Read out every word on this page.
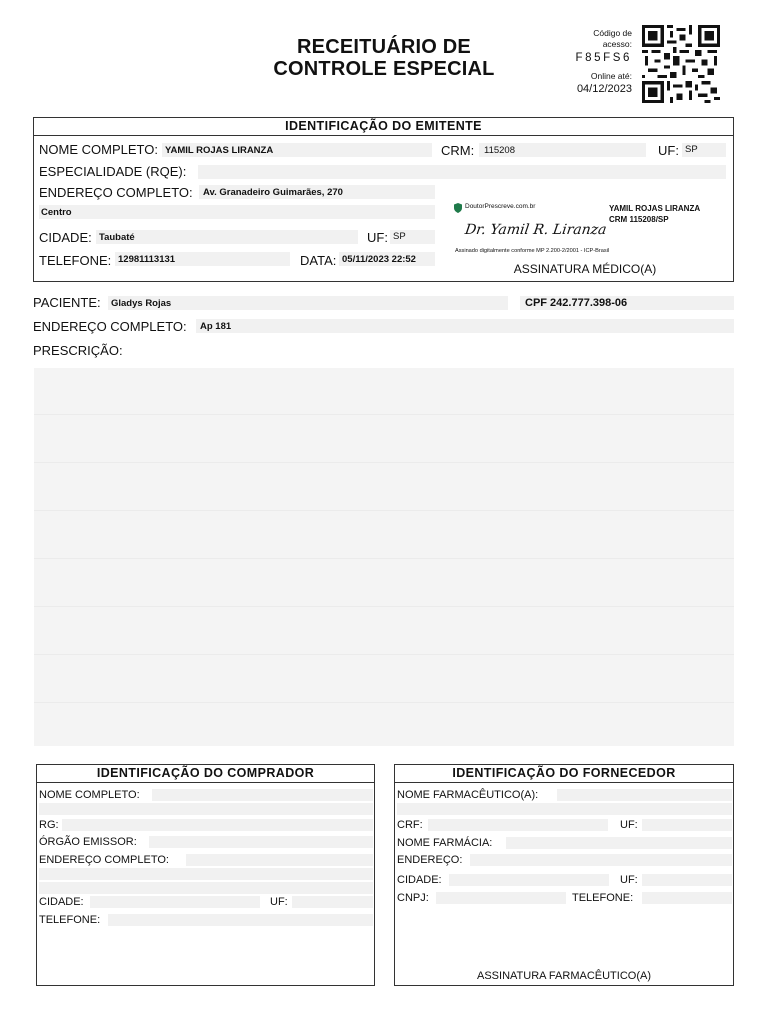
RECEITUÁRIO DE
CONTROLE ESPECIAL
Código de acesso:
F85FS6
Online até:
04/12/2023
IDENTIFICAÇÃO DO EMITENTE
NOME COMPLETO: YAMIL ROJAS LIRANZA	CRM: 115208	UF: SP
ESPECIALIDADE (RQE):
ENDEREÇO COMPLETO: Av. Granadeiro Guimarães, 270
Centro
CIDADE: Taubaté	UF: SP
TELEFONE: 12981113131	DATA: 05/11/2023 22:52
DoutorPrescreve.com.br	YAMIL ROJAS LIRANZA
CRM 115208/SP
Dr. Yamil R. Liranza
Assinado digitalmente conforme MP 2.200-2/2001 - ICP-Brasil
ASSINATURA MÉDICO(A)
PACIENTE: Gladys Rojas	CPF 242.777.398-06
ENDEREÇO COMPLETO: Ap 181
PRESCRIÇÃO:
IDENTIFICAÇÃO DO COMPRADOR
NOME COMPLETO:
RG:
ÓRGÃO EMISSOR:
ENDEREÇO COMPLETO:
CIDADE:	UF:
TELEFONE:
IDENTIFICAÇÃO DO FORNECEDOR
NOME FARMACÊUTICO(A):
CRF:	UF:
NOME FARMÁCIA:
ENDEREÇO:
CIDADE:	UF:
CNPJ:	TELEFONE:
ASSINATURA FARMACÊUTICO(A)
